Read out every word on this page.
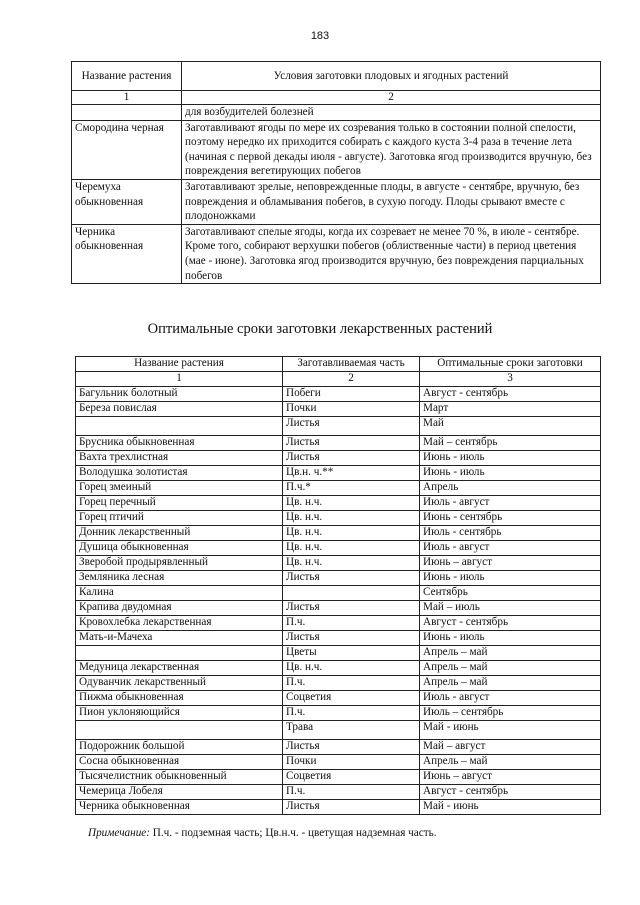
183
Название растения	Условия заготовки плодовых и ягодных растений
1	2
	для возбудителей болезней
Смородина черная	Заготавливают ягоды по мере их созревания только в состоянии полной спелости, поэтому нередко их приходится собирать с каждого куста 3-4 раза в течение лета (начиная с первой декады июля - августе). Заготовка ягод производится вручную, без повреждения вегетирующих побегов
Черемуха обыкновенная	Заготавливают зрелые, неповрежденные плоды, в августе - сентябре, вручную, без повреждения и обламывания побегов, в сухую погоду. Плоды срывают вместе с плодоножками
Черника обыкновенная	Заготавливают спелые ягоды, когда их созревает не менее 70 %, в июле - сентябре. Кроме того, собирают верхушки побегов (облиственные части) в период цветения (мае - июне). Заготовка ягод производится вручную, без повреждения парциальных побегов
Оптимальные сроки заготовки лекарственных растений
Название растения	Заготавливаемая часть	Оптимальные сроки заготовки
1	2	3
Багульник болотный	Побеги	Август - сентябрь
Береза повислая	Почки	Март
	Листья	Май
Брусника обыкновенная	Листья	Май – сентябрь
Вахта трехлистная	Листья	Июнь - июль
Володушка золотистая	Цв.н. ч.**	Июнь - июль
Горец змеиный	П.ч.*	Апрель
Горец перечный	Цв. н.ч.	Июль - август
Горец птичий	Цв. н.ч.	Июнь - сентябрь
Донник лекарственный	Цв. н.ч.	Июль - сентябрь
Душица обыкновенная	Цв. н.ч.	Июль - август
Зверобой продырявленный	Цв. н.ч.	Июнь – август
Земляника лесная	Листья	Июнь - июль
Калина		Сентябрь
Крапива двудомная	Листья	Май – июль
Кровохлебка лекарственная	П.ч.	Август - сентябрь
Мать-и-Мачеха	Листья	Июнь - июль
	Цветы	Апрель – май
Медуница лекарственная	Цв. н.ч.	Апрель – май
Одуванчик лекарственный	П.ч.	Апрель – май
Пижма обыкновенная	Соцветия	Июль - август
Пион уклоняющийся	П.ч.	Июль – сентябрь
	Трава	Май - июнь
Подорожник большой	Листья	Май – август
Сосна обыкновенная	Почки	Апрель – май
Тысячелистник обыкновенный	Соцветия	Июнь – август
Чемерица Лобеля	П.ч.	Август - сентябрь
Черника обыкновенная	Листья	Май - июнь
Примечание: П.ч. - подземная часть; Цв.н.ч. - цветущая надземная часть.
